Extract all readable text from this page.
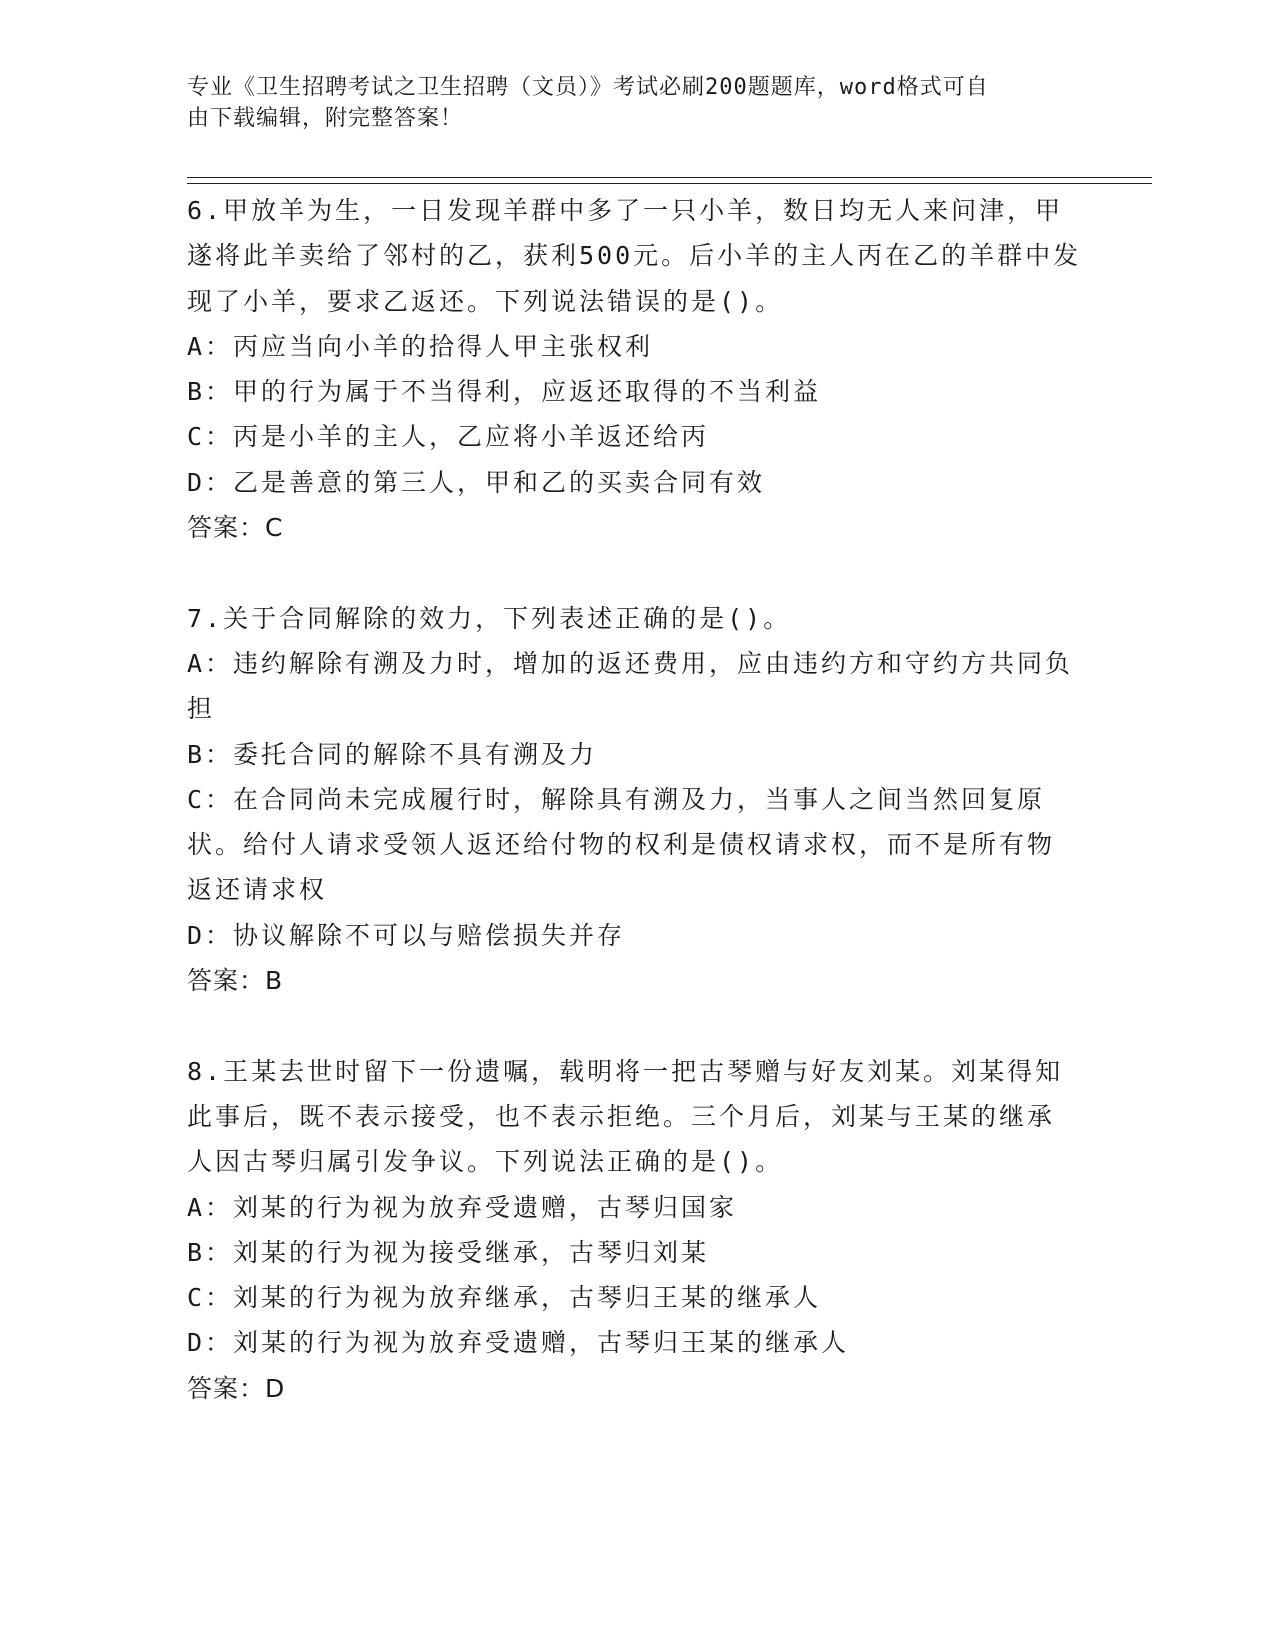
专业《卫生招聘考试之卫生招聘（文员）》考试必刷200题题库，word格式可自
由下载编辑，附完整答案！

6.甲放羊为生，一日发现羊群中多了一只小羊，数日均无人来问津，甲遂将此羊卖给了邻村的乙，获利500元。后小羊的主人丙在乙的羊群中发现了小羊，要求乙返还。下列说法错误的是()。

A：丙应当向小羊的拾得人甲主张权利

B：甲的行为属于不当得利，应返还取得的不当利益

C：丙是小羊的主人，乙应将小羊返还给丙

D：乙是善意的第三人，甲和乙的买卖合同有效

答案：C

7.关于合同解除的效力，下列表述正确的是()。

A：违约解除有溯及力时，增加的返还费用，应由违约方和守约方共同负担

B：委托合同的解除不具有溯及力

C：在合同尚未完成履行时，解除具有溯及力，当事人之间当然回复原状。给付人请求受领人返还给付物的权利是债权请求权，而不是所有物返还请求权

D：协议解除不可以与赔偿损失并存

答案：B

8.王某去世时留下一份遗嘱，载明将一把古琴赠与好友刘某。刘某得知此事后，既不表示接受，也不表示拒绝。三个月后，刘某与王某的继承人因古琴归属引发争议。下列说法正确的是()。

A：刘某的行为视为放弃受遗赠，古琴归国家

B：刘某的行为视为接受继承，古琴归刘某

C：刘某的行为视为放弃继承，古琴归王某的继承人

D：刘某的行为视为放弃受遗赠，古琴归王某的继承人

答案：D
